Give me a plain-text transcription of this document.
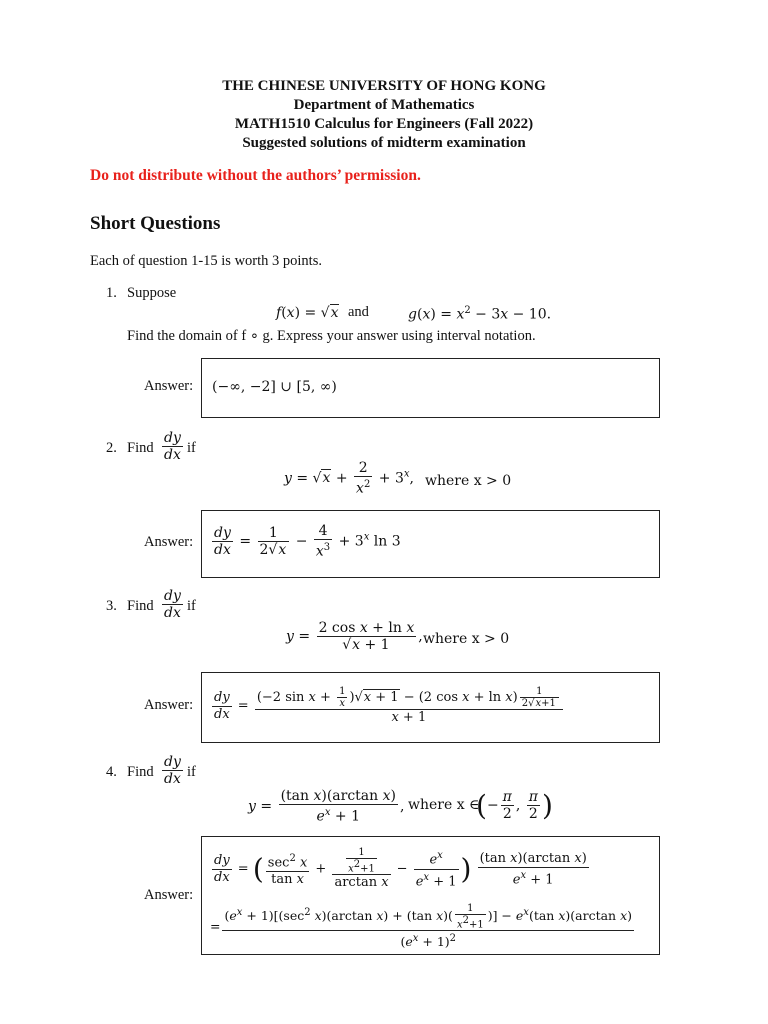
THE CHINESE UNIVERSITY OF HONG KONG
Department of Mathematics
MATH1510 Calculus for Engineers (Fall 2022)
Suggested solutions of midterm examination
Do not distribute without the authors’ permission.
Short Questions
Each of question 1-15 is worth 3 points.
1. Suppose
f(x) = √x and	$g(x) = x^2 - 3x - 10$.
Find the domain of f ∘ g. Express your answer using interval notation.
Answer: (−∞, −2] ∪ [5, ∞)
2. Find $\frac{dy}{dx}$ if
$y = √x + \frac{2}{x^2} + 3^x$, where x > 0
Answer: $\frac{dy}{dx} = \frac{1}{2√x} - \frac{4}{x^3} + 3^x$ ln 3
3. Find $\frac{dy}{dx}$ if
$y = \frac{\text{2 cos x + ln x}}{√x + 1}$ , where x > 0
Answer: $\frac{dy}{dx} = \frac{(-2 \sin x + \frac{1}{x} )√x + 1 - (2 \cos x + \ln x) \frac{1}{2√x+1}}{x + 1}$
4. Find $\frac{dy}{dx}$ if
$y = \frac{\text{(tan x)(arctan x)}}{e^x + 1}$ , where x ∈
(− $\frac{\pi}{2}$ , $\frac{\pi}{2}$ )
Answer:
$\frac{dy}{dx}$ = ( $\frac{\sec^2 x}{\text{tan x}} + \frac{\frac{1}{x2+1}}{\text{arctan x}} - \frac{e^x}{e^x + 1}$ ) $\frac{\text{(tan x)(arctan x)}}{e^x + 1}$
=
$(e^x + 1)[(\sec^2$ x)(arctan x) + (tan $x)( \frac{1}{x2+1}$ )] − $e^x(\tan$ x)(arctan x)
$(e^x + 1)^2$
